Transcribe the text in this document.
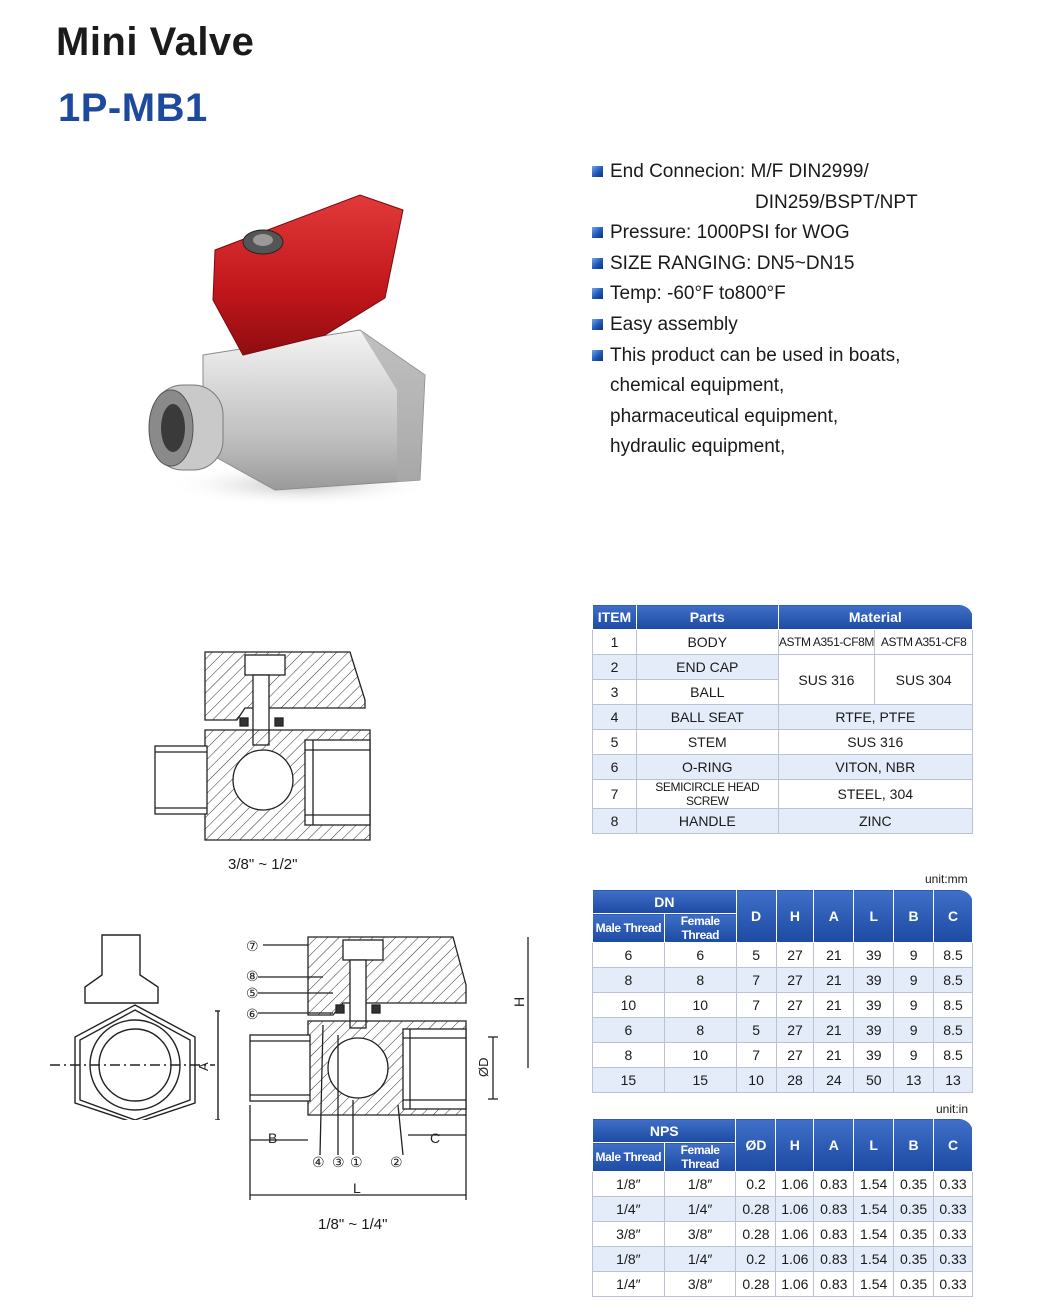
Mini Valve
1P-MB1
End Connecion: M/F DIN2999/
DIN259/BSPT/NPT
Pressure: 1000PSI for WOG
SIZE RANGING: DN5~DN15
Temp: -60°F to800°F
Easy assembly
This product can be used in boats,
chemical equipment,
pharmaceutical equipment,
hydraulic equipment,
3/8" ~ 1/2"
A
B	C
L
H
ØD
⑦
⑧
⑤
⑥
④ ③ ① ②
1/8" ~ 1/4"
ITEM	Parts	Material	
1	BODY	ASTM A351-CF8M	ASTM A351-CF8
2	END CAP	SUS 316	SUS 304
3	BALL		
4	BALL SEAT	RTFE, PTFE	
5	STEM	SUS 316	
6	O-RING	VITON, NBR	
7	SEMICIRCLE HEAD SCREW	STEEL, 304	
8	HANDLE	ZINC	
unit:mm
DN		D	H	A	L	B	C
Male Thread	Female Thread						
6	6	5	27	21	39	9	8.5
8	8	7	27	21	39	9	8.5
10	10	7	27	21	39	9	8.5
6	8	5	27	21	39	9	8.5
8	10	7	27	21	39	9	8.5
15	15	10	28	24	50	13	13
unit:in
NPS		ØD	H	A	L	B	C
Male Thread	Female Thread						
1/8″	1/8″	0.2	1.06	0.83	1.54	0.35	0.33
1/4″	1/4″	0.28	1.06	0.83	1.54	0.35	0.33
3/8″	3/8″	0.28	1.06	0.83	1.54	0.35	0.33
1/8″	1/4″	0.2	1.06	0.83	1.54	0.35	0.33
1/4″	3/8″	0.28	1.06	0.83	1.54	0.35	0.33
